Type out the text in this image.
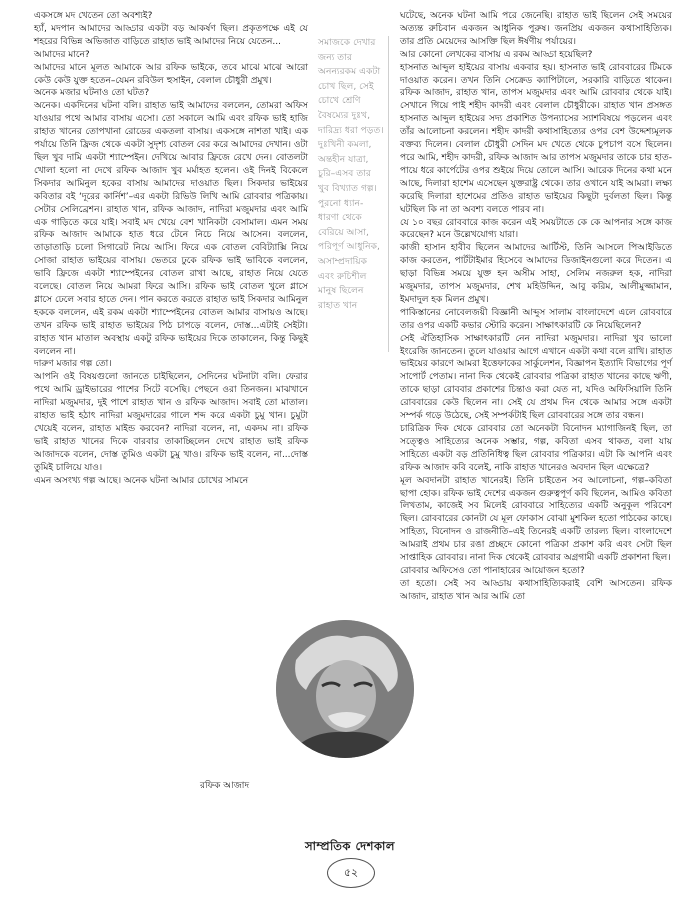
একসঙ্গে মদ খেতেন তো অবশ্যই?

হ্যাঁ, মদপান আমাদের আড্ডার একটা বড় আকর্ষণ ছিল। প্রকৃতপক্ষে এই যে শহরের বিভিন্ন অভিজাত বাড়িতে রাহাত ভাই আমাদের নিয়ে যেতেন...

আমাদের মানে?

আমাদের মানে মূলত আমাকে আর রফিক ভাইকে, তবে মাঝে মাঝে আরো কেউ কেউ যুক্ত হতেন–যেমন রবিউল হুসাইন, বেলাল চৌধুরী প্রমুখ।

অনেক মজার ঘটনাও তো ঘটত?

অনেক। একদিনের ঘটনা বলি। রাহাত ভাই আমাদের বললেন, তোমরা অফিস যাওয়ার পথে আমার বাসায় এসো। তো সকালে আমি এবং রফিক ভাই হাজি রাহাত খানের তোপখানা রোডের একতলা বাসায়। একসঙ্গে নাশতা খাই। এক পর্যায়ে তিনি ফ্রিজ থেকে একটা সুদৃশ্য বোতল বের করে আমাদের দেখান। ওটা ছিল খুব দামি একটা শ্যাম্পেইন। দেখিয়ে আবার ফ্রিজে রেখে দেন। বোতলটা খোলা হলো না দেখে রফিক আজাদ খুব মর্মাহত হলেন। ওই দিনই বিকেলে সিকদার আমিনুল হকের বাসায় আমাদের দাওয়াত ছিল। সিকদার ভাইয়ের কবিতার বই ‘দূরের কার্নিশ’–এর একটা রিভিউ লিখি আমি রোববার পত্রিকায়। সেটার সেলিব্রেশন। রাহাত খান, রফিক আজাদ, নাদিরা মজুমদার এবং আমি এক গাড়িতে করে যাই। সবাই মদ খেয়ে বেশ খানিকটা বেসামাল। এমন সময় রফিক আজাদ আমাকে হাত ধরে টেনে নিচে নিয়ে আসেন। বললেন, তাড়াতাড়ি চলো সিগারেট নিয়ে আসি। ফিরে এক বোতল বেবিট্যাক্সি নিয়ে সোজা রাহাত ভাইয়ের বাসায়। ভেতরে ঢুকে রফিক ভাই ভাবিকে বললেন, ভাবি ফ্রিজে একটা শ্যাম্পেইনের বোতল রাখা আছে, রাহাত নিয়ে যেতে বলেছে। বোতল নিয়ে আমরা ফিরে আসি। রফিক ভাই বোতল খুলে গ্লাসে গ্লাসে ঢেলে সবার হাতে দেন। পান করতে করতে রাহাত ভাই সিকদার আমিনুল হককে বললেন, এই রকম একটা শ্যাম্পেইনের বোতল আমার বাসায়ও আছে। তখন রফিক ভাই রাহাত ভাইয়ের পিঠ চাপড়ে বলেন, দোস্ত...এটাই সেইটা। রাহাত খান মাতাল অবস্থায় একটু রফিক ভাইয়ের দিকে তাকালেন, কিন্তু কিছুই বললেন না।

দারুণ মজার গল্প তো।

আপনি ওই বিষয়গুলো জানতে চাইছিলেন, সেদিনের ঘটনাটা বলি। ফেরার পথে আমি ড্রাইভারের পাশের সিটে বসেছি। পেছনে ওরা তিনজন। মাঝখানে নাদিরা মজুমদার, দুই পাশে রাহাত খান ও রফিক আজাদ। সবাই তো মাতাল। রাহাত ভাই হঠাৎ নাদিরা মজুমদারের গালে শব্দ করে একটা চুমু খান। চুমুটা খেয়েই বলেন, রাহাত মাইন্ড করবেন? নাদিরা বলেন, না, একদম না। রফিক ভাই রাহাত খানের দিকে বারবার তাকাচ্ছিলেন দেখে রাহাত ভাই রফিক আজাদকে বলেন, দোস্ত তুমিও একটা চুমু খাও। রফিক ভাই বলেন, না...দোস্ত তুমিই চালিয়ে যাও।

এমন অসংখ্য গল্প আছে। অনেক ঘটনা আমার চোখের সামনে

সমাজকে দেখার জন্য তার অনন্যরকম একটা চোখ ছিল, সেই চোখে শ্রেণি বৈষম্যের দুঃখ, দারিদ্র্য ধরা পড়ত। দুঃখিনী কমলা, অন্তহীন যাত্রা, চুরি–এসব তার খুব বিখ্যাত গল্প। পুরনো ধ্যান-ধারণা থেকে বেরিয়ে আসা, পরিপূর্ণ আধুনিক, অসাম্প্রদায়িক এবং রুচিশীল মানুষ ছিলেন রাহাত খান

ঘটেছে, অনেক ঘটনা আমি পরে জেনেছি। রাহাত ভাই ছিলেন সেই সময়ের অত্যন্ত রুচিবান একজন আধুনিক পুরুষ। জনপ্রিয় একজন কথাসাহিত্যিক। তার প্রতি মেয়েদের আসক্তি ছিল ঈর্ষণীয় পর্যায়ের।

আর কোনো লেখকের বাসায় এ রকম আড্ডা হয়েছিল?

হাসনাত আব্দুল হাইয়ের বাসায় একবার হয়। হাসনাত ভাই রোববারের টিমকে দাওয়াত করেন। তখন তিনি সেক্রেড ক্যাপিটালে, সরকারি বাড়িতে থাকেন। রফিক আজাদ, রাহাত খান, তাপস মজুমদার এবং আমি রোববার থেকে যাই। সেখানে গিয়ে পাই শহীদ কাদরী এবং বেলাল চৌধুরীকে। রাহাত খান প্রসঙ্গত হাসনাত আব্দুল হাইয়ের সদ্য প্রকাশিত উপন্যাসের স্যাশবিষয়ে পড়লেন এবং তাঁর আলোচনা করলেন। শহীদ কাদরী কথাসাহিত্যের ওপর বেশ উদ্দেশ্যমূলক বক্তব্য দিলেন। বেলাল চৌধুরী সেদিন মদ খেতে থেকে চুপচাপ বসে ছিলেন। পরে আমি, শহীদ কাদরী, রফিক আজাদ আর তাপস মজুমদার তাকে চার হাত-পায়ে ধরে কার্পেটের ওপর শুইয়ে দিয়ে তোলে আসি। আরেক দিনের কথা মনে আছে, দিলারা হাশেম এসেছেন যুক্তরাষ্ট্র থেকে। তার ওখানে যাই আমরা। লক্ষ্য করেছি দিলারা হাশেমের প্রতিও রাহাত ভাইয়ের কিছুটা দুর্বলতা ছিল। কিন্তু ঘটছিল কি না তা অবশ্য বলতে পারব না।

যে ১০ বছর রোববারে কাজ করেন এই সময়টাতে কে কে আপনার সঙ্গে কাজ করেছেন? মনে উল্লেখযোগ্য যারা।

কাজী হাসান হাবীব ছিলেন আমাদের আর্টিস্ট, তিনি আসলে পিআইডিতে কাজ করতেন, পার্টটাইমার হিসেবে আমাদের ডিজাইনগুলো করে দিতেন। এ ছাড়া বিভিন্ন সময়ে যুক্ত হন অসীম সাহা, সেলিম নজরুল হক, নাদিরা মজুমদার, তাপস মজুমদার, শেখ মহিউদ্দিন, আবু করিম, আলীমুজ্জামান, ইমদাদুল হক মিলন প্রমুখ।

পাকিস্তানের নোবেলজয়ী বিজ্ঞানী আব্দুস সালাম বাংলাদেশে এলে রোববারে তার ওপর একটি কভার স্টোরি করেন। সাক্ষাৎকারটি কে নিয়েছিলেন?

সেই ঐতিহাসিক সাক্ষাৎকারটি নেন নাদিরা মজুমদার। নাদিরা খুব ভালো ইংরেজি জানতেন। তুলে যাওয়ার আগে এখানে একটা কথা বলে রাখি। রাহাত ভাইয়ের কারণে আমরা ইত্তেফাকের সার্কুলেশন, বিজ্ঞাপন ইত্যাদি বিভাগের পূর্ণ সাপোর্ট পেতাম। নানা দিক থেকেই রোববার পত্রিকা রাহাত খানের কাছে ঋণী, তাকে ছাড়া রোববার প্রকাশের চিন্তাও করা যেত না, যদিও অফিসিয়ালি তিনি রোববারের কেউ ছিলেন না। সেই যে প্রথম দিন থেকে আমার সঙ্গে একটা সম্পর্ক গড়ে উঠেছে, সেই সম্পর্কটাই ছিল রোববারের সঙ্গে তার বন্ধন।

চারিত্রিক দিক থেকে রোববার তো অনেকটা বিনোদন ম্যাগাজিনই ছিল, তা সত্ত্বেও সাহিত্যের অনেক সম্ভার, গল্প, কবিতা এসব থাকত, বলা যায় সাহিত্যে একটা বড় প্রতিনিধিত্ব ছিল রোববার পত্রিকার। এটা কি আপনি এবং রফিক আজাদ কবি বলেই, নাকি রাহাত খানেরও অবদান ছিল এক্ষেত্রে?

মূল অবদানটা রাহাত খানেরই। তিনি চাইতেন সব আলোচনা, গল্প–কবিতা ছাপা হোক। রফিক ভাই দেশের একজন গুরুত্বপূর্ণ কবি ছিলেন, আমিও কবিতা লিখতাম, কাজেই সব মিলেই রোববারে সাহিত্যের একটি অনুকূল পরিবেশ ছিল। রোববারের কোনটা যে মূল ফোকাস বোঝা মুশকিল হতো পাঠকের কাছে। সাহিত্য, বিনোদন ও রাজনীতি–এই তিনেরই একটি তারল্য ছিল। বাংলাদেশে আমরাই প্রথম চার রঙা প্রচ্ছদে কোনো পত্রিকা প্রকাশ করি এবং সেটা ছিল সাপ্তাহিক রোববার। নানা দিক থেকেই রোববার অগ্রগামী একটি প্রকাশনা ছিল।

রোববার অফিসেও তো পানাহারের আয়োজন হতো?

তা হতো। সেই সব আড্ডায় কথাসাহিত্যিকরাই বেশি আসতেন। রফিক আজাদ, রাহাত খান আর আমি তো

রফিক আজাদ
সাম্প্রতিক দেশকাল
৫২
